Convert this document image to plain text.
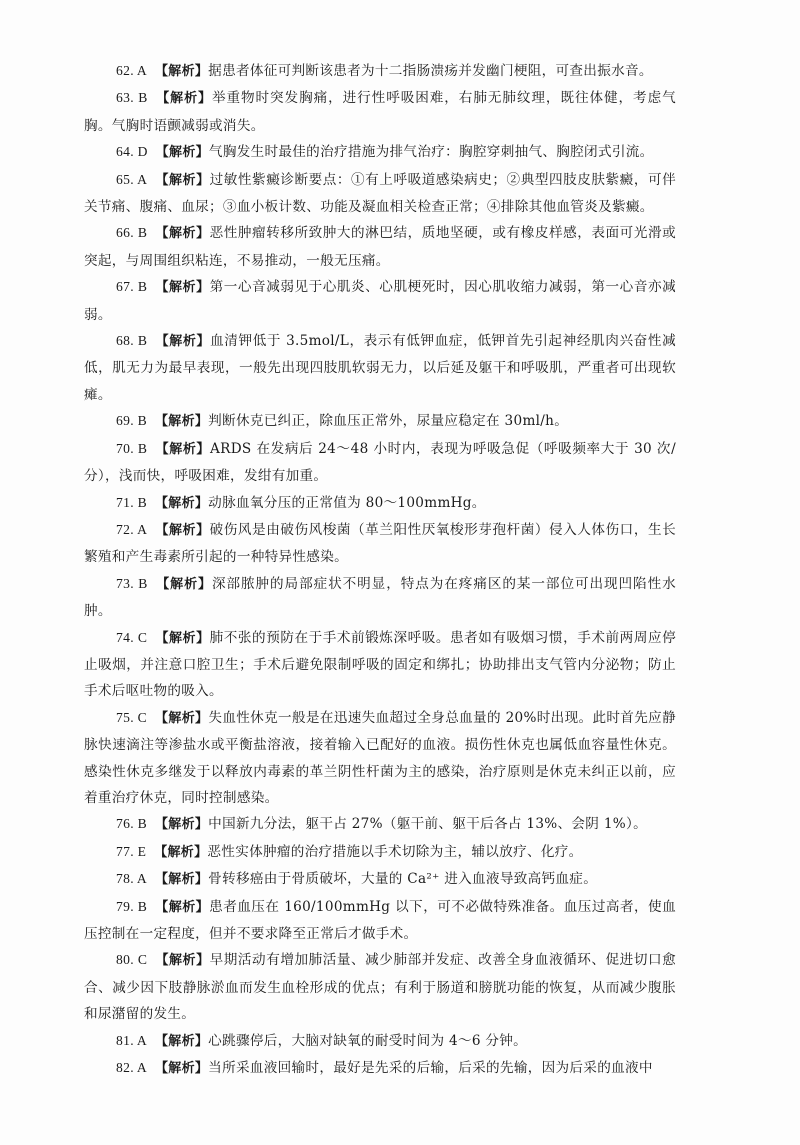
62. A 【解析】据患者体征可判断该患者为十二指肠溃疡并发幽门梗阻，可查出振水音。

63. B 【解析】举重物时突发胸痛，进行性呼吸困难，右肺无肺纹理，既往体健，考虑气胸。气胸时语颤减弱或消失。

64. D 【解析】气胸发生时最佳的治疗措施为排气治疗：胸腔穿刺抽气、胸腔闭式引流。

65. A 【解析】过敏性紫癜诊断要点：①有上呼吸道感染病史；②典型四肢皮肤紫癜，可伴关节痛、腹痛、血尿；③血小板计数、功能及凝血相关检查正常；④排除其他血管炎及紫癜。

66. B 【解析】恶性肿瘤转移所致肿大的淋巴结，质地坚硬，或有橡皮样感，表面可光滑或突起，与周围组织粘连，不易推动，一般无压痛。

67. B 【解析】第一心音减弱见于心肌炎、心肌梗死时，因心肌收缩力减弱，第一心音亦减弱。

68. B 【解析】血清钾低于 3.5mol/L，表示有低钾血症，低钾首先引起神经肌肉兴奋性减低，肌无力为最早表现，一般先出现四肢肌软弱无力，以后延及躯干和呼吸肌，严重者可出现软瘫。

69. B 【解析】判断休克已纠正，除血压正常外，尿量应稳定在 30ml/h。

70. B 【解析】ARDS 在发病后 24～48 小时内，表现为呼吸急促（呼吸频率大于 30 次/分），浅而快，呼吸困难，发绀有加重。

71. B 【解析】动脉血氧分压的正常值为 80～100mmHg。

72. A 【解析】破伤风是由破伤风梭菌（革兰阳性厌氧梭形芽孢杆菌）侵入人体伤口，生长繁殖和产生毒素所引起的一种特异性感染。

73. B 【解析】深部脓肿的局部症状不明显，特点为在疼痛区的某一部位可出现凹陷性水肿。

74. C 【解析】肺不张的预防在于手术前锻炼深呼吸。患者如有吸烟习惯，手术前两周应停止吸烟，并注意口腔卫生；手术后避免限制呼吸的固定和绑扎；协助排出支气管内分泌物；防止手术后呕吐物的吸入。

75. C 【解析】失血性休克一般是在迅速失血超过全身总血量的 20%时出现。此时首先应静脉快速滴注等渗盐水或平衡盐溶液，接着输入已配好的血液。损伤性休克也属低血容量性休克。感染性休克多继发于以释放内毒素的革兰阴性杆菌为主的感染，治疗原则是休克未纠正以前，应着重治疗休克，同时控制感染。

76. B 【解析】中国新九分法，躯干占 27%（躯干前、躯干后各占 13%、会阴 1%）。

77. E 【解析】恶性实体肿瘤的治疗措施以手术切除为主，辅以放疗、化疗。

78. A 【解析】骨转移癌由于骨质破坏，大量的 Ca²⁺ 进入血液导致高钙血症。

79. B 【解析】患者血压在 160/100mmHg 以下，可不必做特殊准备。血压过高者，使血压控制在一定程度，但并不要求降至正常后才做手术。

80. C 【解析】早期活动有增加肺活量、减少肺部并发症、改善全身血液循环、促进切口愈合、减少因下肢静脉淤血而发生血栓形成的优点；有利于肠道和膀胱功能的恢复，从而减少腹胀和尿潴留的发生。

81. A 【解析】心跳骤停后，大脑对缺氧的耐受时间为 4～6 分钟。

82. A 【解析】当所采血液回输时，最好是先采的后输，后采的先输，因为后采的血液中
